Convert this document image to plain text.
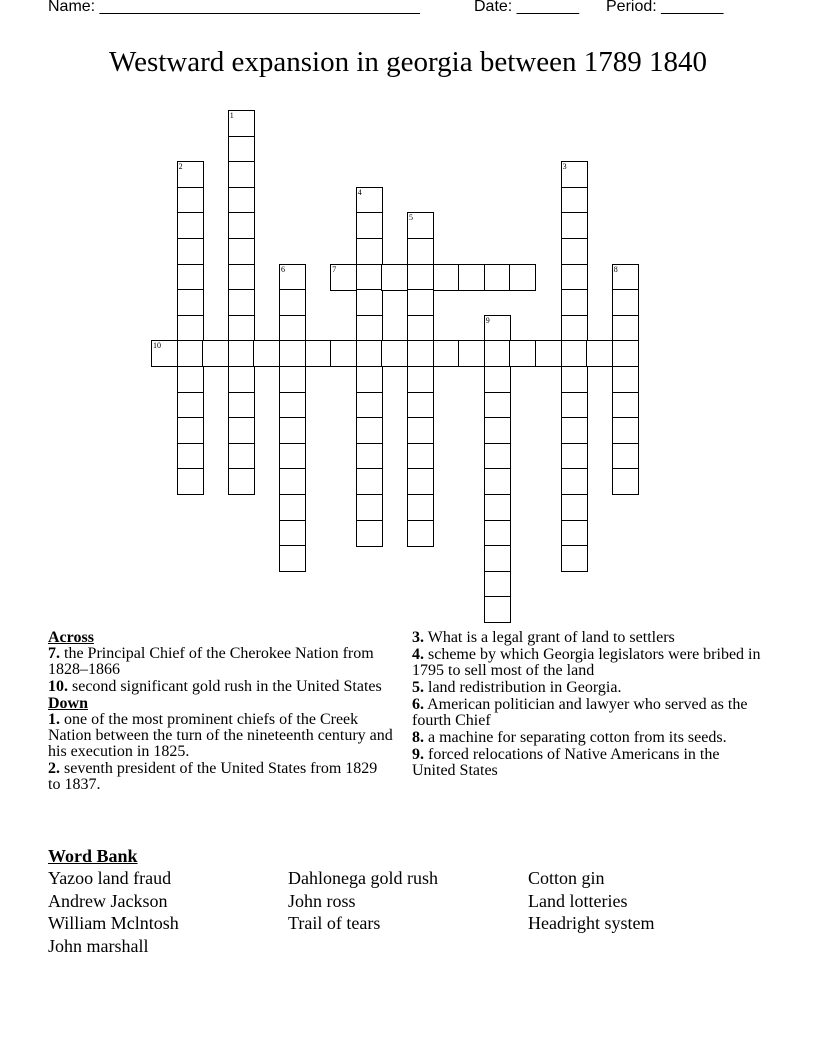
Name: ____________________________________	Date: _______ Period: _______
Westward expansion in georgia between 1789 1840
1
2	3
4
5
6	7	8
9
10
Across
7. the Principal Chief of the Cherokee Nation from 1828–1866
10. second significant gold rush in the United States
Down
1. one of the most prominent chiefs of the Creek Nation between the turn of the nineteenth century and his execution in 1825.
2. seventh president of the United States from 1829 to 1837.
3. What is a legal grant of land to settlers
4. scheme by which Georgia legislators were bribed in 1795 to sell most of the land
5. land redistribution in Georgia.
6. American politician and lawyer who served as the fourth Chief
8. a machine for separating cotton from its seeds.
9. forced relocations of Native Americans in the United States
Word Bank
Yazoo land fraud	Dahlonega gold rush	Cotton gin
Andrew Jackson	John ross	Land lotteries
William Mclntosh	Trail of tears	Headright system
John marshall
